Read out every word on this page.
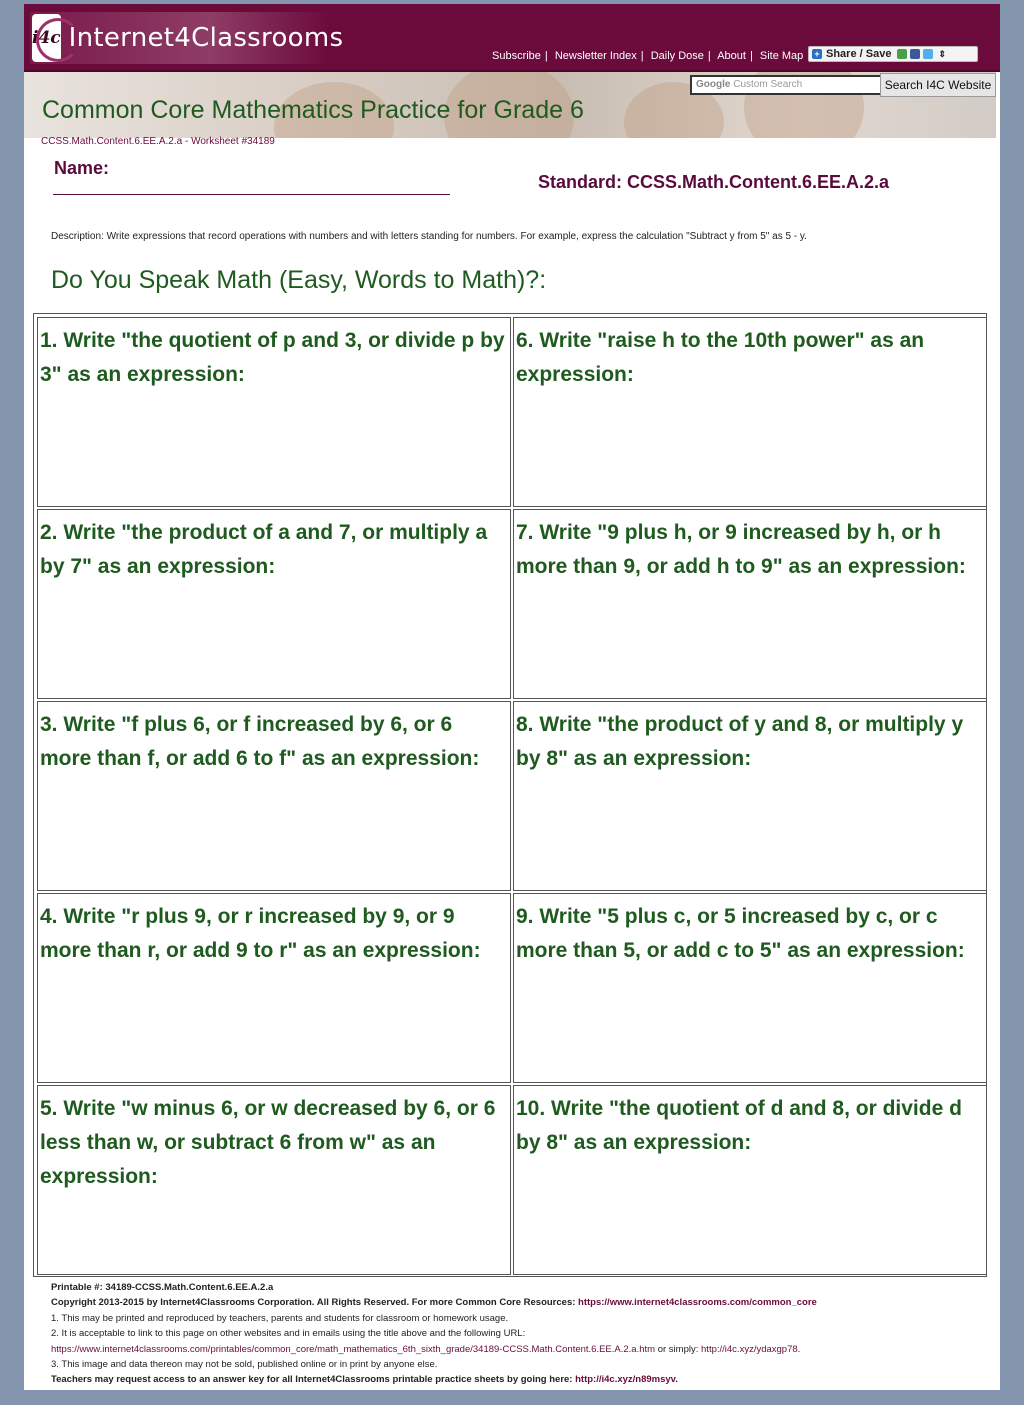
i4c Internet4Classrooms
Subscribe | Newsletter Index | Daily Dose | About | Site Map + Share / Save	⇕
Google Custom Search	Search I4C Website
Common Core Mathematics Practice for Grade 6
CCSS.Math.Content.6.EE.A.2.a - Worksheet #34189
Name:
Standard: CCSS.Math.Content.6.EE.A.2.a
Description: Write expressions that record operations with numbers and with letters standing for numbers. For example, express the calculation "Subtract y from 5" as 5 - y.
Do You Speak Math (Easy, Words to Math)?:
1. Write "the quotient of p and 3, or divide p by 3" as an expression:
6. Write "raise h to the 10th power" as an expression:
2. Write "the product of a and 7, or multiply a by 7" as an expression:
7. Write "9 plus h, or 9 increased by h, or h more than 9, or add h to 9" as an expression:
3. Write "f plus 6, or f increased by 6, or 6 more than f, or add 6 to f" as an expression:
8. Write "the product of y and 8, or multiply y by 8" as an expression:
4. Write "r plus 9, or r increased by 9, or 9 more than r, or add 9 to r" as an expression:
9. Write "5 plus c, or 5 increased by c, or c more than 5, or add c to 5" as an expression:
5. Write "w minus 6, or w decreased by 6, or 6 less than w, or subtract 6 from w" as an expression:
10. Write "the quotient of d and 8, or divide d by 8" as an expression:
Printable #: 34189-CCSS.Math.Content.6.EE.A.2.a
Copyright 2013-2015 by Internet4Classrooms Corporation. All Rights Reserved. For more Common Core Resources: https://www.internet4classrooms.com/common_core
1. This may be printed and reproduced by teachers, parents and students for classroom or homework usage.
2. It is acceptable to link to this page on other websites and in emails using the title above and the following URL:
https://www.internet4classrooms.com/printables/common_core/math_mathematics_6th_sixth_grade/34189-CCSS.Math.Content.6.EE.A.2.a.htm or simply: http://i4c.xyz/ydaxgp78.
3. This image and data thereon may not be sold, published online or in print by anyone else.
Teachers may request access to an answer key for all Internet4Classrooms printable practice sheets by going here: http://i4c.xyz/n89msyv.
